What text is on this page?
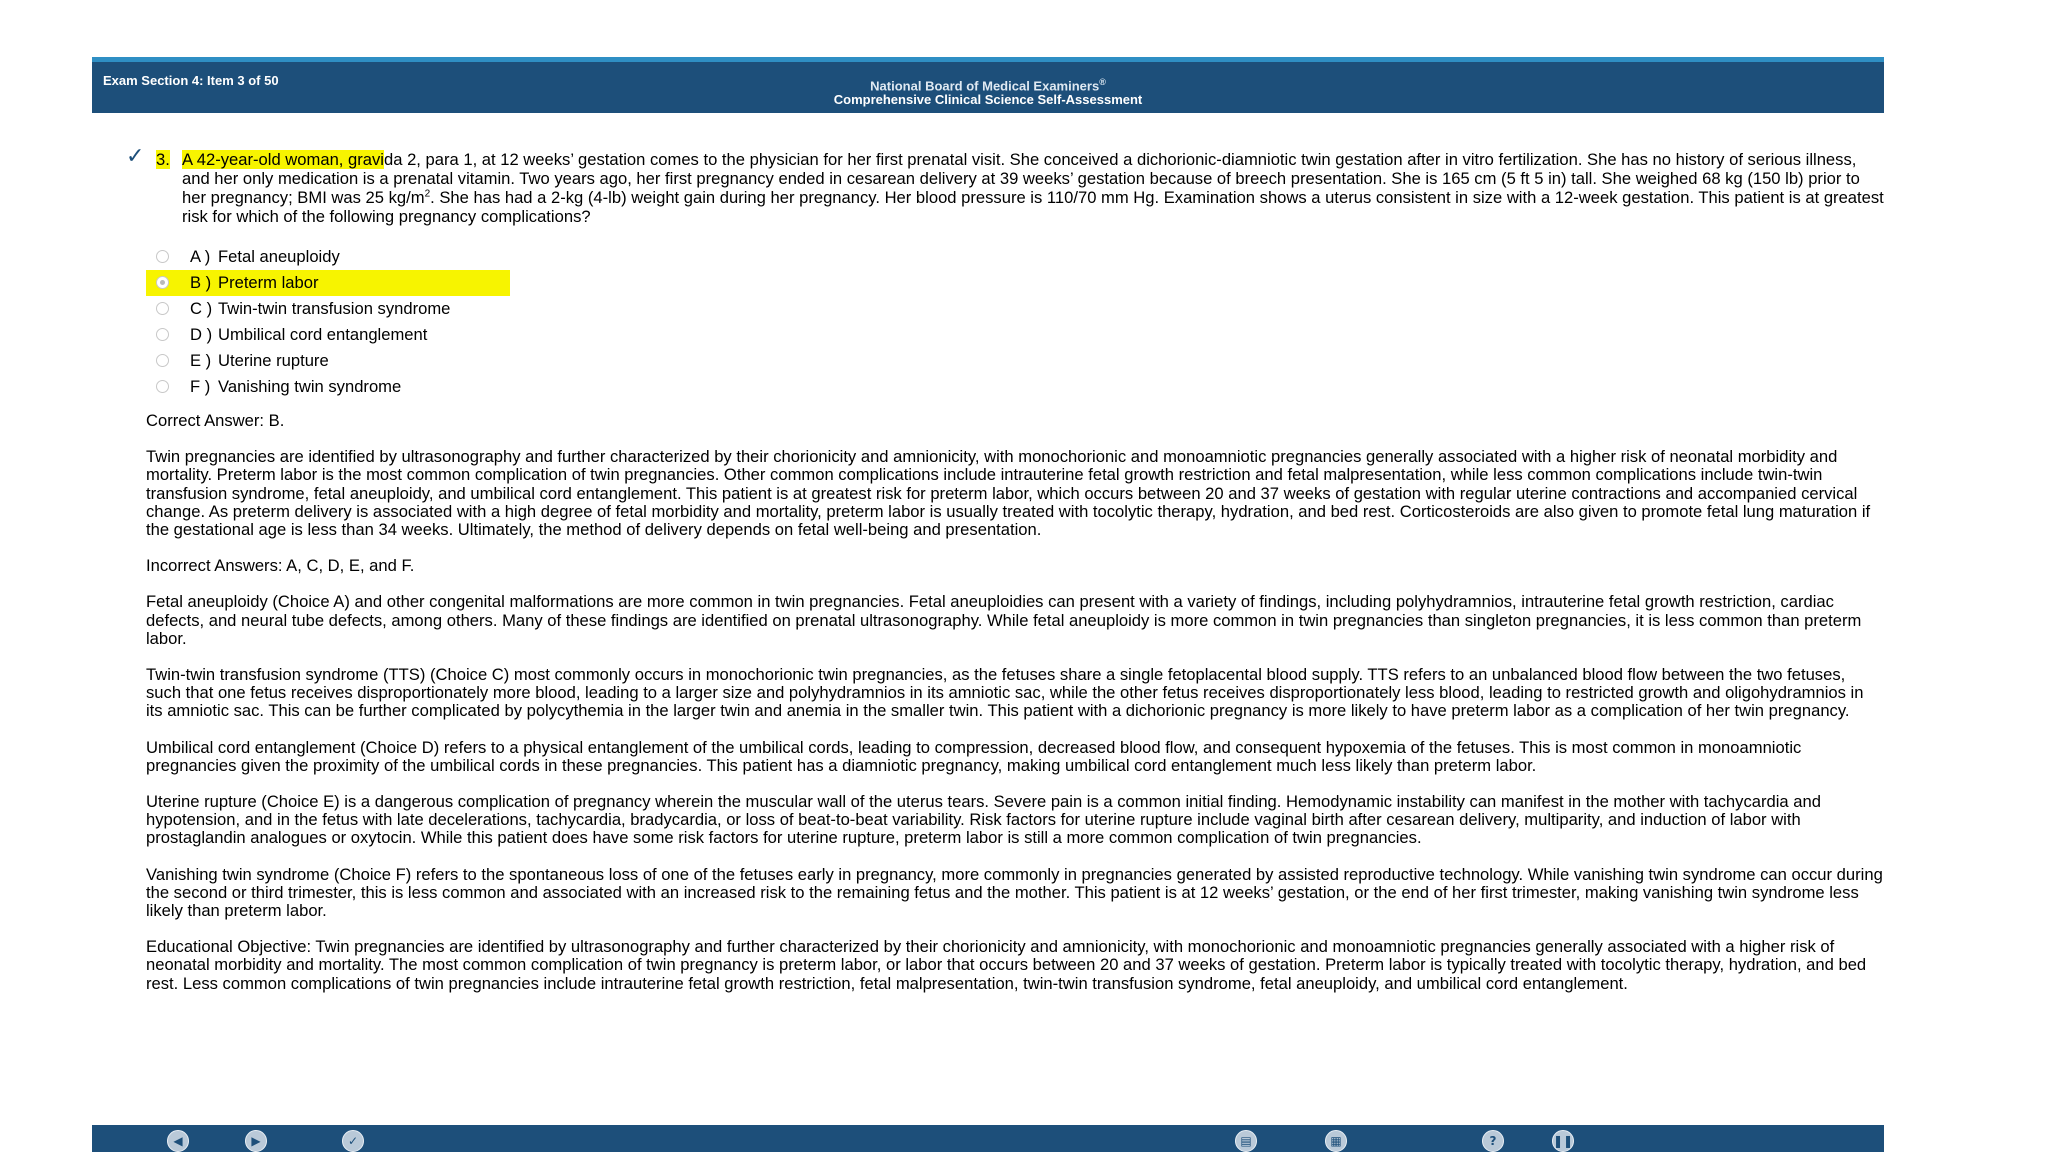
Exam Section 4: Item 3 of 50	National Board of Medical Examiners®
Comprehensive Clinical Science Self-Assessment
✓ 3. A 42-year-old woman, gravida 2, para 1, at 12 weeks’ gestation comes to the physician for her first prenatal visit. She conceived a dichorionic-diamniotic twin gestation after in vitro fertilization. She has no history of serious illness, and her only medication is a prenatal vitamin. Two years ago, her first pregnancy ended in cesarean delivery at 39 weeks’ gestation because of breech presentation. She is 165 cm (5 ft 5 in) tall. She weighed 68 kg (150 lb) prior to her pregnancy; BMI was 25 $kg/m^2$. She has had a 2-kg (4-lb) weight gain during her pregnancy. Her blood pressure is 110/70 mm Hg. Examination shows a uterus consistent in size with a 12-week gestation. This patient is at greatest risk for which of the following pregnancy complications?
A ) Fetal aneuploidy
B ) Preterm labor
C ) Twin-twin transfusion syndrome
D ) Umbilical cord entanglement
E ) Uterine rupture
F ) Vanishing twin syndrome

Correct Answer: B.

Twin pregnancies are identified by ultrasonography and further characterized by their chorionicity and amnionicity, with monochorionic and monoamniotic pregnancies generally associated with a higher risk of neonatal morbidity and mortality. Preterm labor is the most common complication of twin pregnancies. Other common complications include intrauterine fetal growth restriction and fetal malpresentation, while less common complications include twin-twin transfusion syndrome, fetal aneuploidy, and umbilical cord entanglement. This patient is at greatest risk for preterm labor, which occurs between 20 and 37 weeks of gestation with regular uterine contractions and accompanied cervical change. As preterm delivery is associated with a high degree of fetal morbidity and mortality, preterm labor is usually treated with tocolytic therapy, hydration, and bed rest. Corticosteroids are also given to promote fetal lung maturation if the gestational age is less than 34 weeks. Ultimately, the method of delivery depends on fetal well-being and presentation.

Incorrect Answers: A, C, D, E, and F.

Fetal aneuploidy (Choice A) and other congenital malformations are more common in twin pregnancies. Fetal aneuploidies can present with a variety of findings, including polyhydramnios, intrauterine fetal growth restriction, cardiac defects, and neural tube defects, among others. Many of these findings are identified on prenatal ultrasonography. While fetal aneuploidy is more common in twin pregnancies than singleton pregnancies, it is less common than preterm labor.

Twin-twin transfusion syndrome (TTS) (Choice C) most commonly occurs in monochorionic twin pregnancies, as the fetuses share a single fetoplacental blood supply. TTS refers to an unbalanced blood flow between the two fetuses, such that one fetus receives disproportionately more blood, leading to a larger size and polyhydramnios in its amniotic sac, while the other fetus receives disproportionately less blood, leading to restricted growth and oligohydramnios in its amniotic sac. This can be further complicated by polycythemia in the larger twin and anemia in the smaller twin. This patient with a dichorionic pregnancy is more likely to have preterm labor as a complication of her twin pregnancy.

Umbilical cord entanglement (Choice D) refers to a physical entanglement of the umbilical cords, leading to compression, decreased blood flow, and consequent hypoxemia of the fetuses. This is most common in monoamniotic pregnancies given the proximity of the umbilical cords in these pregnancies. This patient has a diamniotic pregnancy, making umbilical cord entanglement much less likely than preterm labor.

Uterine rupture (Choice E) is a dangerous complication of pregnancy wherein the muscular wall of the uterus tears. Severe pain is a common initial finding. Hemodynamic instability can manifest in the mother with tachycardia and hypotension, and in the fetus with late decelerations, tachycardia, bradycardia, or loss of beat-to-beat variability. Risk factors for uterine rupture include vaginal birth after cesarean delivery, multiparity, and induction of labor with prostaglandin analogues or oxytocin. While this patient does have some risk factors for uterine rupture, preterm labor is still a more common complication of twin pregnancies.

Vanishing twin syndrome (Choice F) refers to the spontaneous loss of one of the fetuses early in pregnancy, more commonly in pregnancies generated by assisted reproductive technology. While vanishing twin syndrome can occur during the second or third trimester, this is less common and associated with an increased risk to the remaining fetus and the mother. This patient is at 12 weeks’ gestation, or the end of her first trimester, making vanishing twin syndrome less likely than preterm labor.

Educational Objective: Twin pregnancies are identified by ultrasonography and further characterized by their chorionicity and amnionicity, with monochorionic and monoamniotic pregnancies generally associated with a higher risk of neonatal morbidity and mortality. The most common complication of twin pregnancy is preterm labor, or labor that occurs between 20 and 37 weeks of gestation. Preterm labor is typically treated with tocolytic therapy, hydration, and bed rest. Less common complications of twin pregnancies include intrauterine fetal growth restriction, fetal malpresentation, twin-twin transfusion syndrome, fetal aneuploidy, and umbilical cord entanglement.

◀	▶	✓	▤	▦	?	❚❚
